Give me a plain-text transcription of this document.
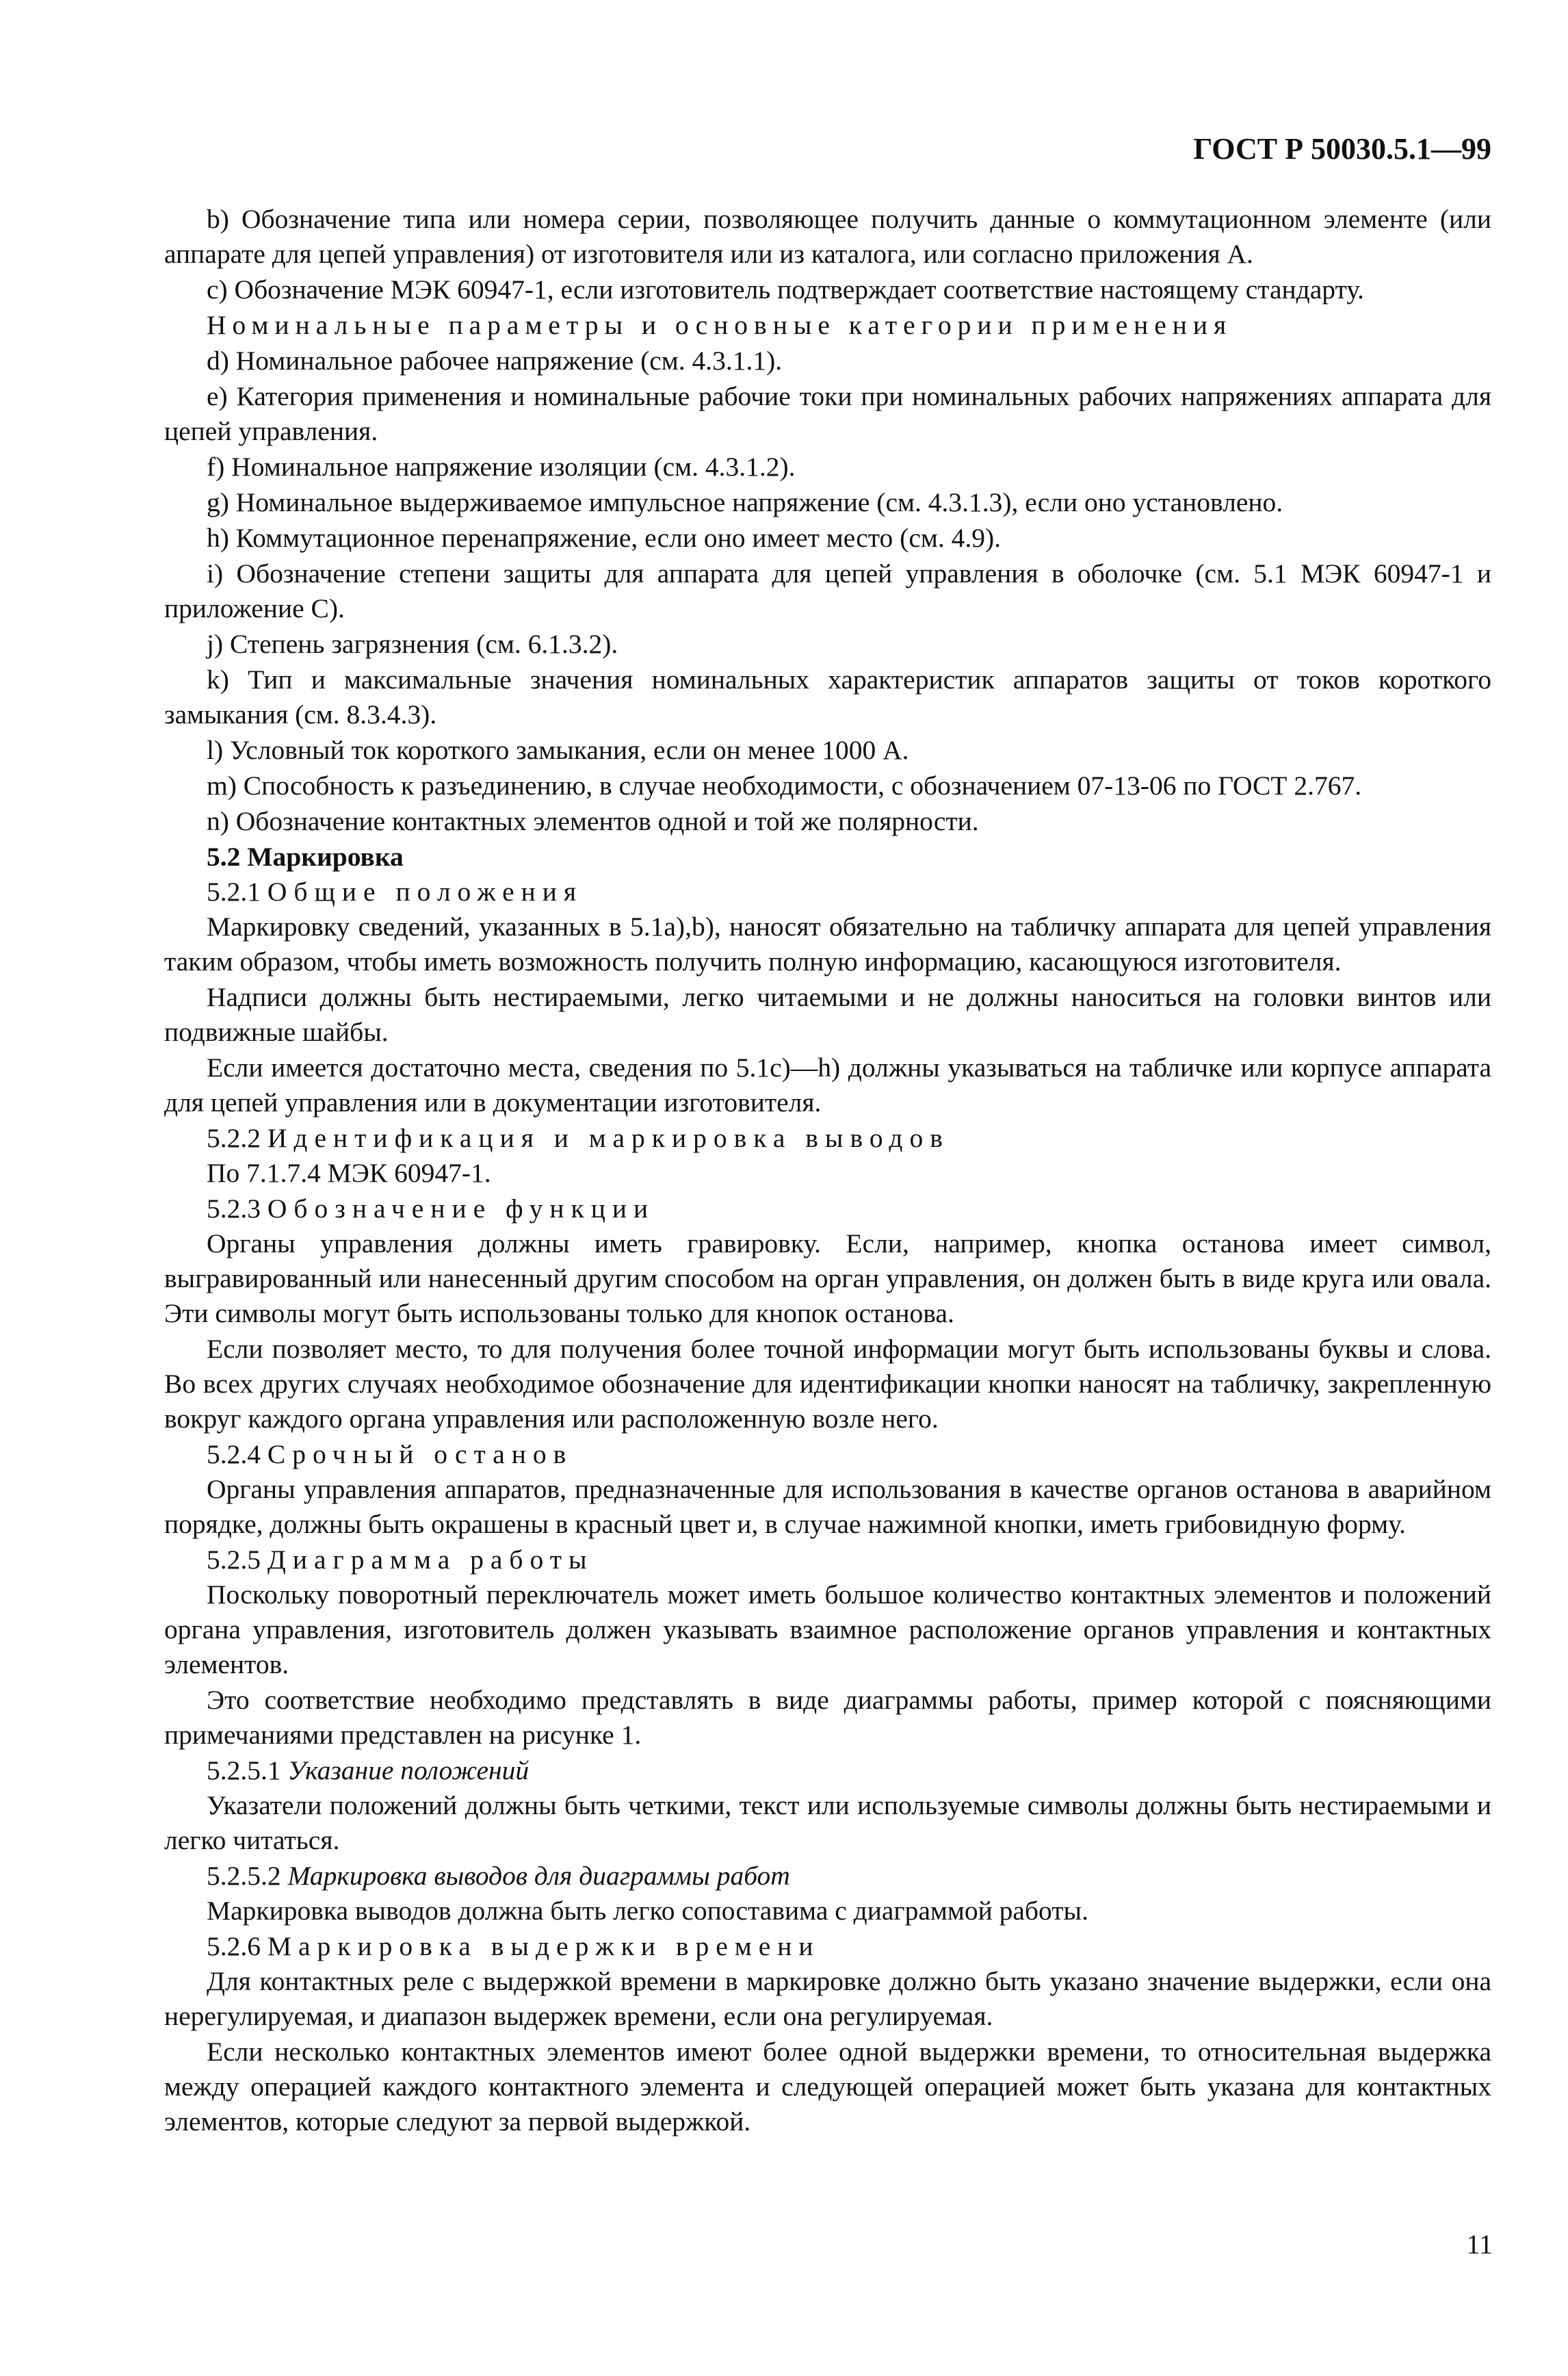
ГОСТ Р 50030.5.1—99

b) Обозначение типа или номера серии, позволяющее получить данные о коммутационном элементе (или аппарате для цепей управления) от изготовителя или из каталога, или согласно приложения А.

c) Обозначение МЭК 60947-1, если изготовитель подтверждает соответствие настоящему стандарту.

Номинальные параметры и основные категории применения

d) Номинальное рабочее напряжение (см. 4.3.1.1).

e) Категория применения и номинальные рабочие токи при номинальных рабочих напряжениях аппарата для цепей управления.

f) Номинальное напряжение изоляции (см. 4.3.1.2).

g) Номинальное выдерживаемое импульсное напряжение (см. 4.3.1.3), если оно установлено.

h) Коммутационное перенапряжение, если оно имеет место (см. 4.9).

i) Обозначение степени защиты для аппарата для цепей управления в оболочке (см. 5.1 МЭК 60947-1 и приложение С).

j) Степень загрязнения (см. 6.1.3.2).

k) Тип и максимальные значения номинальных характеристик аппаратов защиты от токов короткого замыкания (см. 8.3.4.3).

l) Условный ток короткого замыкания, если он менее 1000 А.

m) Способность к разъединению, в случае необходимости, с обозначением 07-13-06 по ГОСТ 2.767.

n) Обозначение контактных элементов одной и той же полярности.

5.2 Маркировка

5.2.1 Общие положения

Маркировку сведений, указанных в 5.1a),b), наносят обязательно на табличку аппарата для цепей управления таким образом, чтобы иметь возможность получить полную информацию, касающуюся изготовителя.

Надписи должны быть нестираемыми, легко читаемыми и не должны наноситься на головки винтов или подвижные шайбы.

Если имеется достаточно места, сведения по 5.1c)—h) должны указываться на табличке или корпусе аппарата для цепей управления или в документации изготовителя.

5.2.2 Идентификация и маркировка выводов

По 7.1.7.4 МЭК 60947-1.

5.2.3 Обозначение функции

Органы управления должны иметь гравировку. Если, например, кнопка останова имеет символ, выгравированный или нанесенный другим способом на орган управления, он должен быть в виде круга или овала. Эти символы могут быть использованы только для кнопок останова.

Если позволяет место, то для получения более точной информации могут быть использованы буквы и слова. Во всех других случаях необходимое обозначение для идентификации кнопки наносят на табличку, закрепленную вокруг каждого органа управления или расположенную возле него.

5.2.4 Срочный останов

Органы управления аппаратов, предназначенные для использования в качестве органов останова в аварийном порядке, должны быть окрашены в красный цвет и, в случае нажимной кнопки, иметь грибовидную форму.

5.2.5 Диаграмма работы

Поскольку поворотный переключатель может иметь большое количество контактных элементов и положений органа управления, изготовитель должен указывать взаимное расположение органов управления и контактных элементов.

Это соответствие необходимо представлять в виде диаграммы работы, пример которой с поясняющими примечаниями представлен на рисунке 1.

5.2.5.1 Указание положений

Указатели положений должны быть четкими, текст или используемые символы должны быть нестираемыми и легко читаться.

5.2.5.2 Маркировка выводов для диаграммы работ

Маркировка выводов должна быть легко сопоставима с диаграммой работы.

5.2.6 Маркировка выдержки времени

Для контактных реле с выдержкой времени в маркировке должно быть указано значение выдержки, если она нерегулируемая, и диапазон выдержек времени, если она регулируемая.

Если несколько контактных элементов имеют более одной выдержки времени, то относительная выдержка между операцией каждого контактного элемента и следующей операцией может быть указана для контактных элементов, которые следуют за первой выдержкой.

11
